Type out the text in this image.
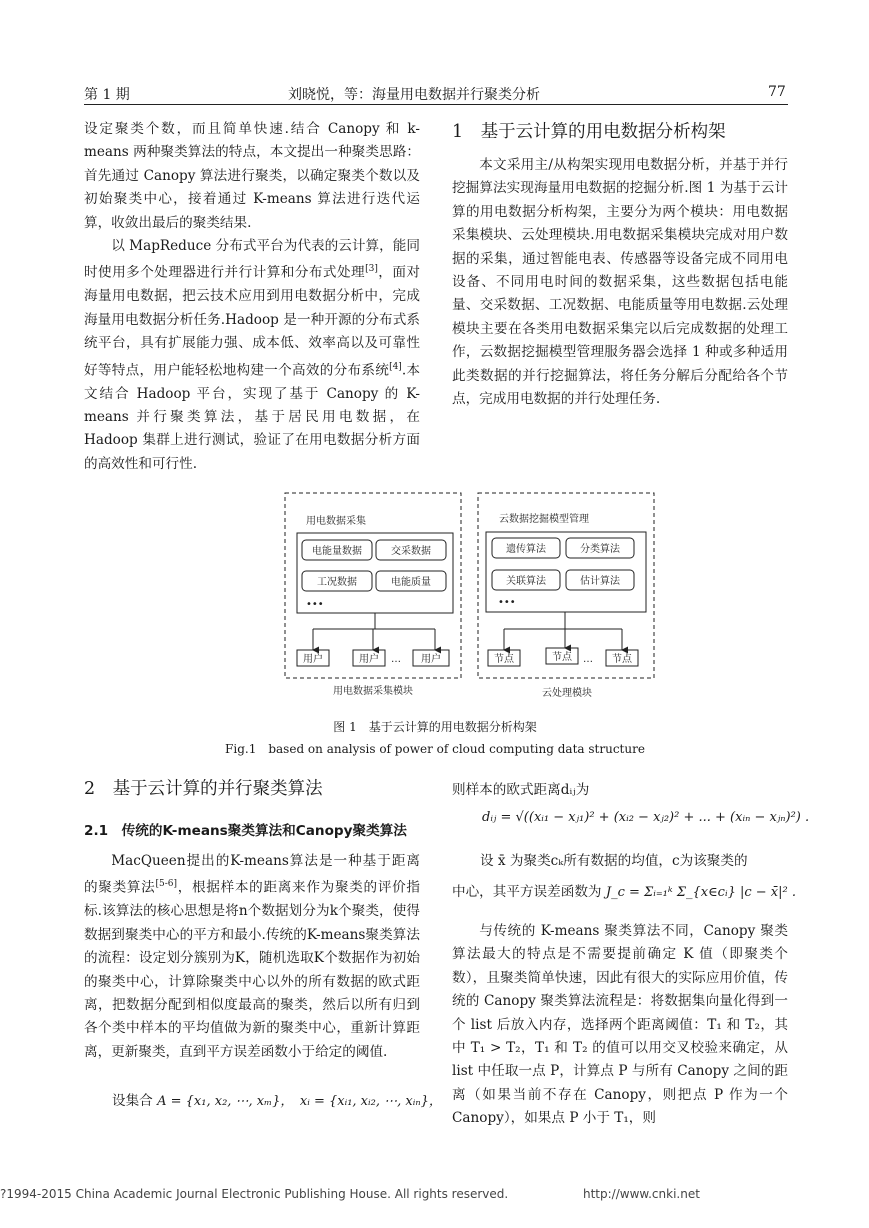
第 1 期	刘晓悦，等：海量用电数据并行聚类分析	77

设定聚类个数，而且简单快速.结合 Canopy 和 k-means 两种聚类算法的特点，本文提出一种聚类思路：首先通过 Canopy 算法进行聚类，以确定聚类个数以及初始聚类中心，接着通过 K-means 算法进行迭代运算，收敛出最后的聚类结果.

以 MapReduce 分布式平台为代表的云计算，能同时使用多个处理器进行并行计算和分布式处理[3]，面对海量用电数据，把云技术应用到用电数据分析中，完成海量用电数据分析任务.Hadoop 是一种开源的分布式系统平台，具有扩展能力强、成本低、效率高以及可靠性好等特点，用户能轻松地构建一个高效的分布系统[4].本文结合 Hadoop 平台，实现了基于 Canopy 的 K-means 并行聚类算法，基于居民用电数据，在 Hadoop 集群上进行测试，验证了在用电数据分析方面的高效性和可行性.

1　基于云计算的用电数据分析构架

本文采用主/从构架实现用电数据分析，并基于并行挖掘算法实现海量用电数据的挖掘分析.图 1 为基于云计算的用电数据分析构架，主要分为两个模块：用电数据采集模块、云处理模块.用电数据采集模块完成对用户数据的采集，通过智能电表、传感器等设备完成不同用电设备、不同用电时间的数据采集，这些数据包括电能量、交采数据、工况数据、电能质量等用电数据.云处理模块主要在各类用电数据采集完以后完成数据的处理工作，云数据挖掘模型管理服务器会选择 1 种或多种适用此类数据的并行挖掘算法，将任务分解后分配给各个节点，完成用电数据的并行处理任务.

用电数据采集
电能量数据	交采数据
工况数据	电能质量
•••
用户	用户 … 用户
用电数据采集模块
云数据挖掘模型管理
遗传算法	分类算法
关联算法	估计算法
•••
节点	节点 … 节点
云处理模块
图 1　基于云计算的用电数据分析构架
Fig.1　based on analysis of power of cloud computing data structure
2　基于云计算的并行聚类算法
2.1　传统的K-means聚类算法和Canopy聚类算法

MacQueen提出的K-means算法是一种基于距离的聚类算法[5-6]，根据样本的距离来作为聚类的评价指标.该算法的核心思想是将n个数据划分为k个聚类，使得数据到聚类中心的平方和最小.传统的K-means聚类算法的流程：设定划分簇别为K，随机选取K个数据作为初始的聚类中心，计算除聚类中心以外的所有数据的欧式距离，把数据分配到相似度最高的聚类，然后以所有归到各个类中样本的平均值做为新的聚类中心，重新计算距离，更新聚类，直到平方误差函数小于给定的阈值.

设集合 A = {x₁, x₂, ⋯, xₘ}，　xᵢ = {xᵢ₁, xᵢ₂, ⋯, xᵢₙ}，
则样本的欧式距离dᵢⱼ为
dᵢⱼ = √((xᵢ₁ − xⱼ₁)² + (xᵢ₂ − xⱼ₂)² + ... + (xᵢₙ − xⱼₙ)²) .
设 x̄ 为聚类cₖ所有数据的均值，c为该聚类的
中心，其平方误差函数为 J_c = Σᵢ₌₁ᵏ Σ_{x∈cᵢ} |c − x̄|² .

与传统的 K-means 聚类算法不同，Canopy 聚类算法最大的特点是不需要提前确定 K 值（即聚类个数），且聚类简单快速，因此有很大的实际应用价值，传统的 Canopy 聚类算法流程是：将数据集向量化得到一个 list 后放入内存，选择两个距离阈值：T₁ 和 T₂，其中 T₁ > T₂，T₁ 和 T₂ 的值可以用交叉校验来确定，从 list 中任取一点 P，计算点 P 与所有 Canopy 之间的距离（如果当前不存在 Canopy，则把点 P 作为一个 Canopy），如果点 P 小于 T₁，则

?1994-2015 China Academic Journal Electronic Publishing House. All rights reserved.	http://www.cnki.net
